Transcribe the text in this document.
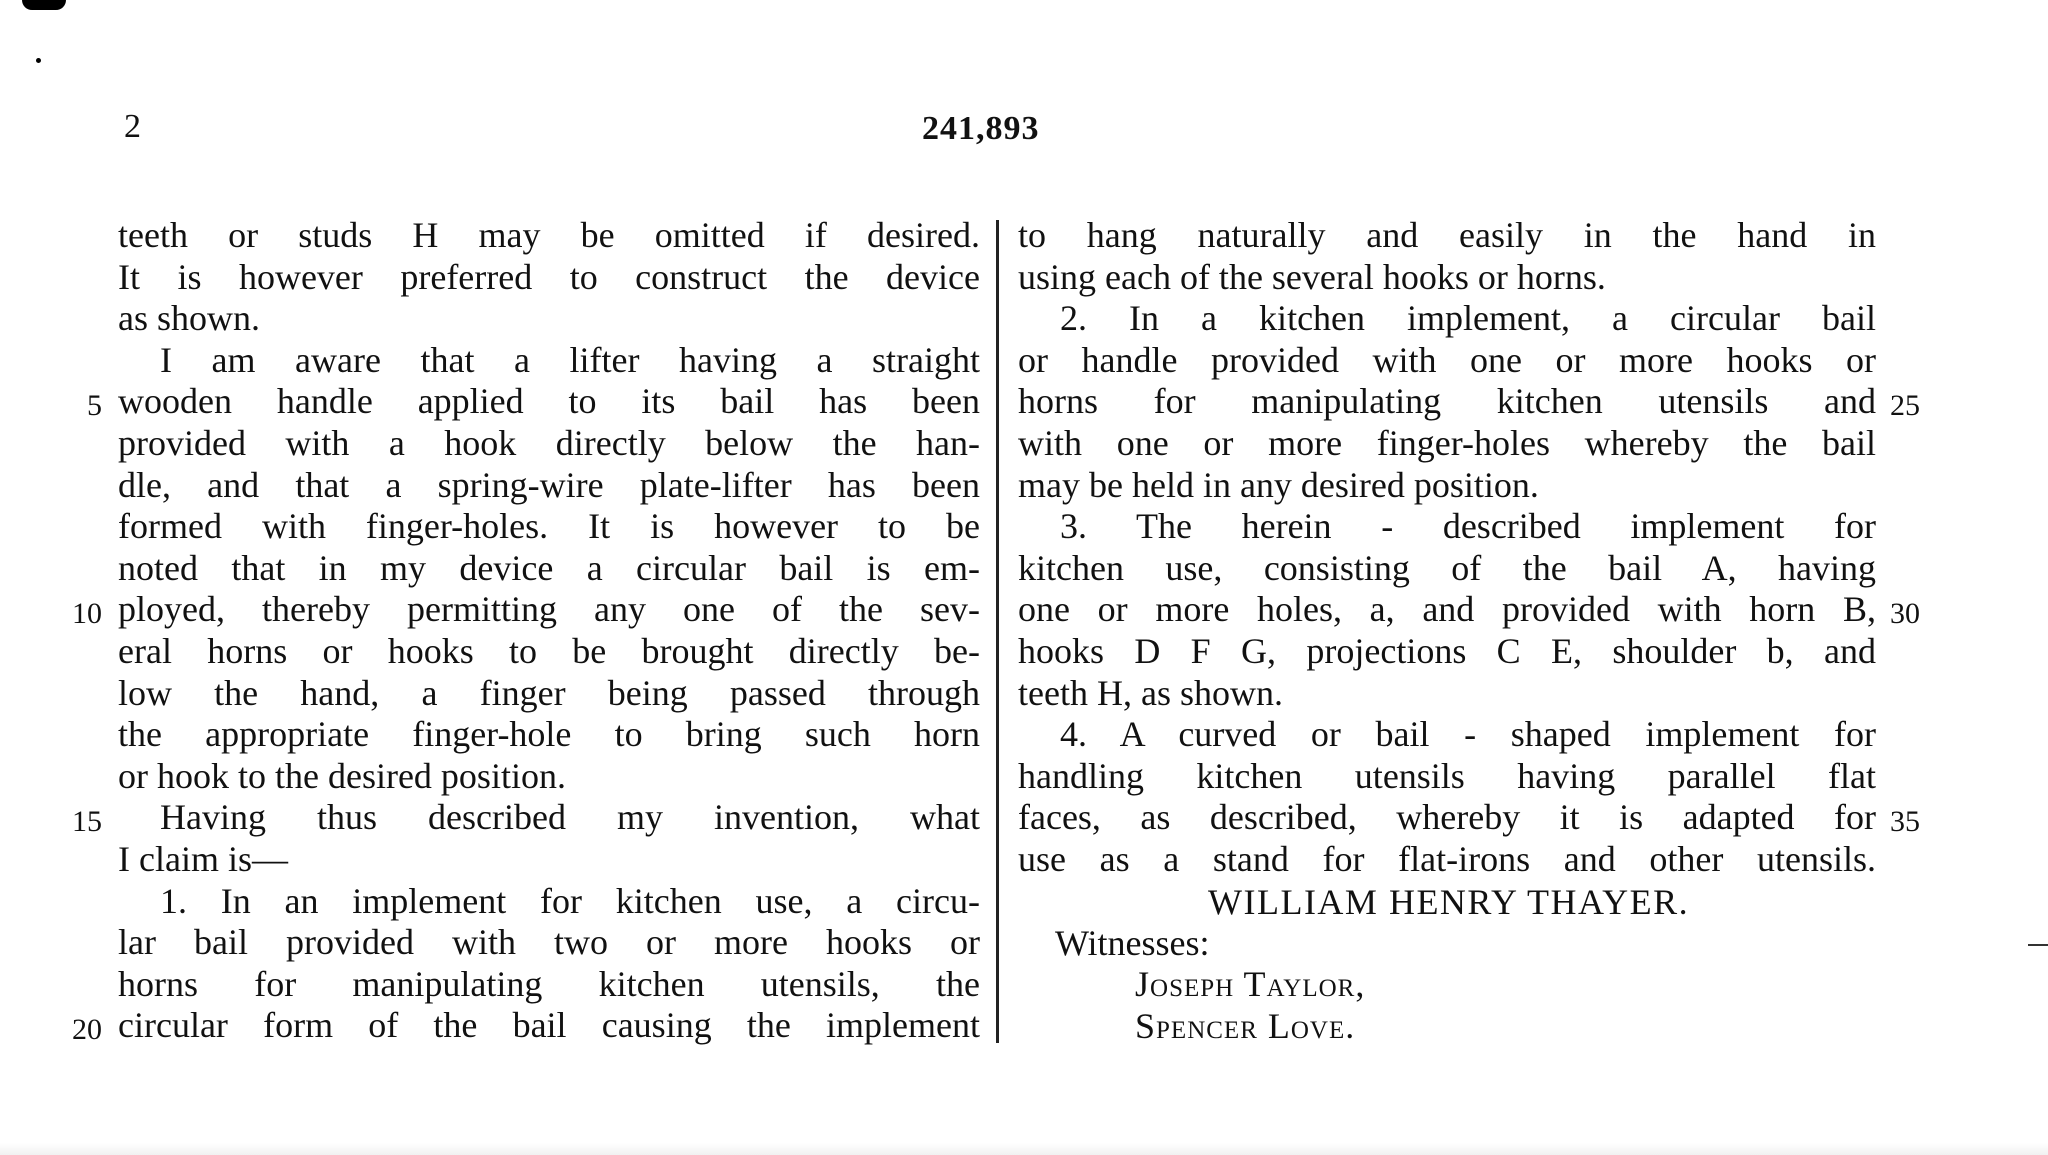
2	241,893
teeth or studs H may be omitted if desired.
It is however preferred to construct the device
as shown.
I am aware that a lifter having a straight
wooden handle applied to its bail has been
provided with a hook directly below the han-
dle, and that a spring-wire plate-lifter has been
formed with finger-holes. It is however to be
noted that in my device a circular bail is em-
ployed, thereby permitting any one of the sev-
eral horns or hooks to be brought directly be-
low the hand, a finger being passed through
the appropriate finger-hole to bring such horn
or hook to the desired position.
Having thus described my invention, what
I claim is—
1. In an implement for kitchen use, a circu-
lar bail provided with two or more hooks or
horns for manipulating kitchen utensils, the
circular form of the bail causing the implement
to hang naturally and easily in the hand in
using each of the several hooks or horns.
2. In a kitchen implement, a circular bail
or handle provided with one or more hooks or
horns for manipulating kitchen utensils and
with one or more finger-holes whereby the bail
may be held in any desired position.
3. The herein - described implement for
kitchen use, consisting of the bail A, having
one or more holes, a, and provided with horn B,
hooks D F G, projections C E, shoulder b, and
teeth H, as shown.
4. A curved or bail - shaped implement for
handling kitchen utensils having parallel flat
faces, as described, whereby it is adapted for
use as a stand for flat-irons and other utensils.
5
10
15
20
25
30
35
WILLIAM HENRY THAYER.
Witnesses:
Joseph Taylor,
Spencer Love.
